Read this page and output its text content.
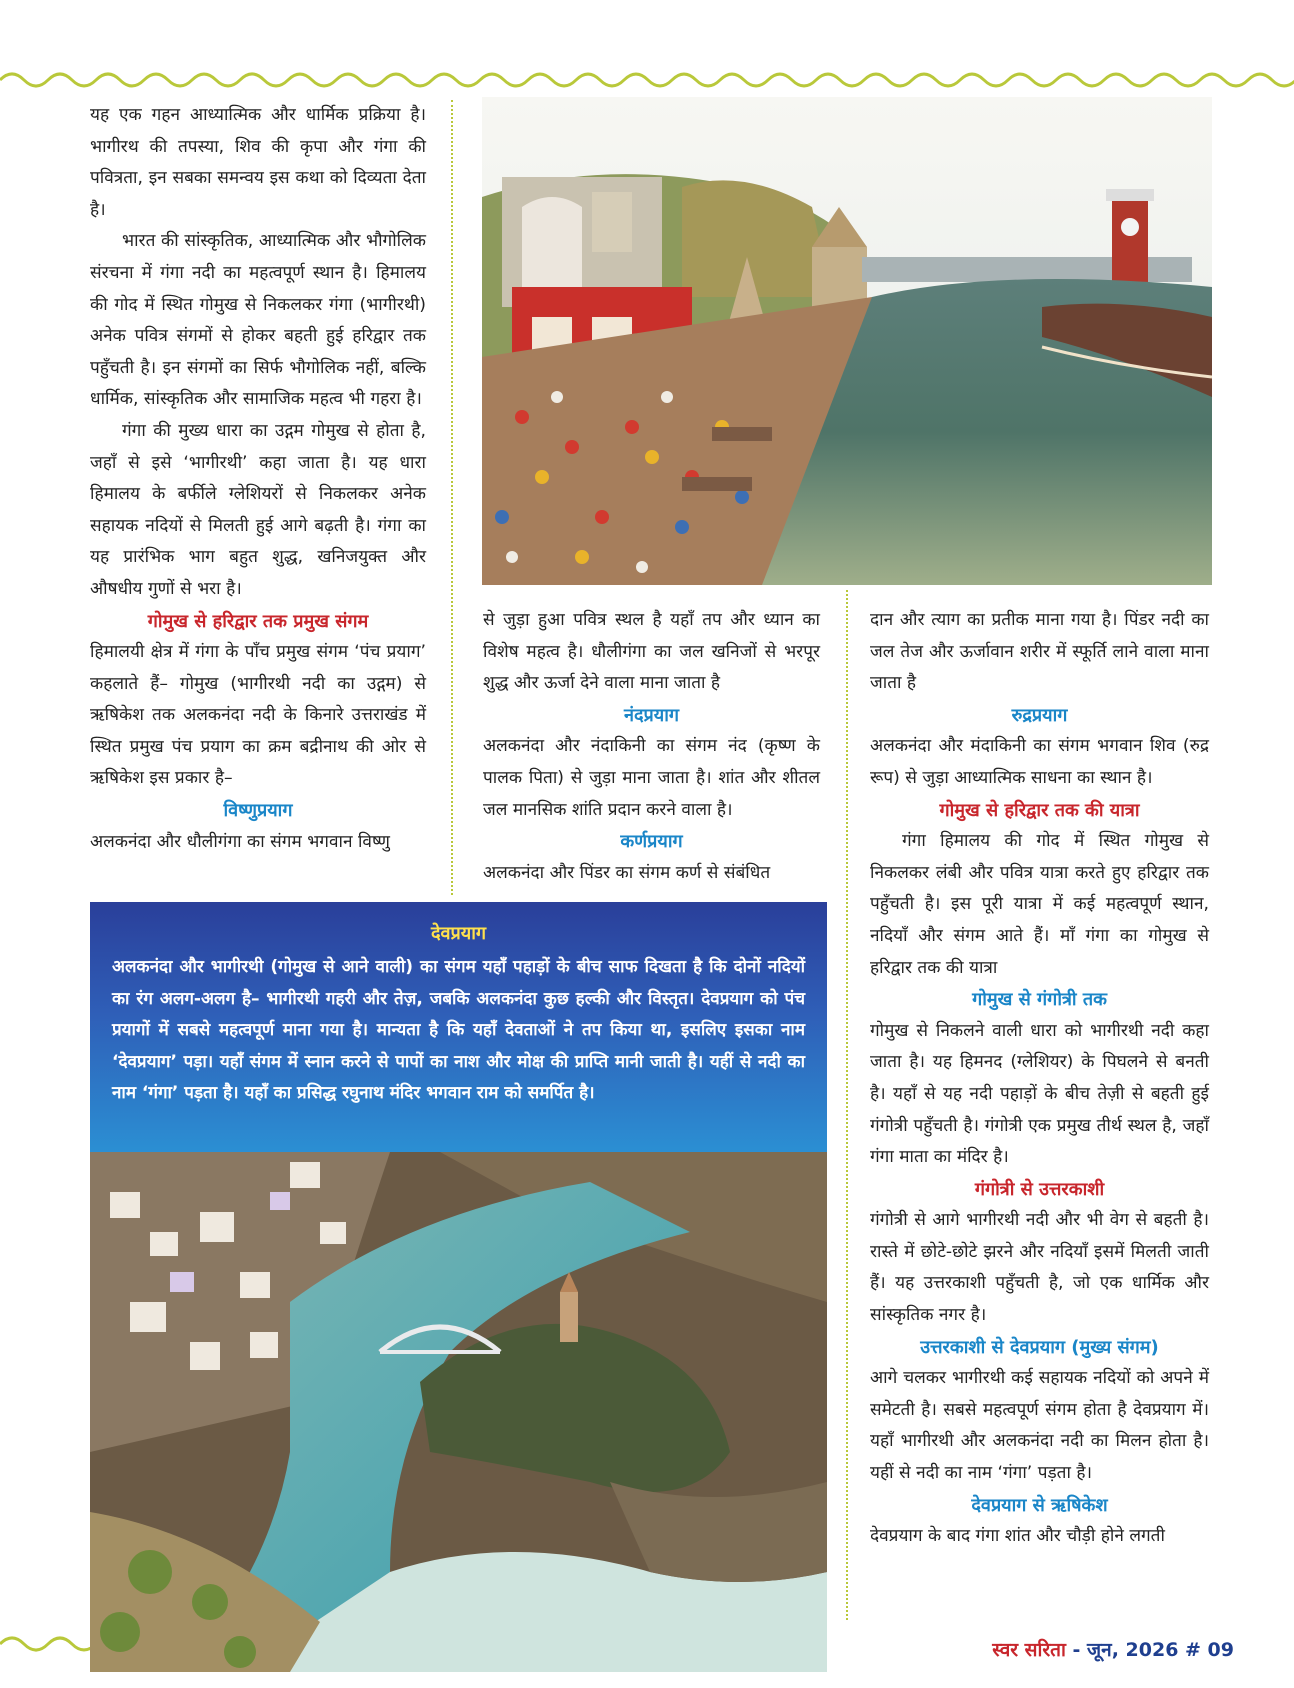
यह एक गहन आध्यात्मिक और धार्मिक प्रक्रिया है। भागीरथ की तपस्या, शिव की कृपा और गंगा की पवित्रता, इन सबका समन्वय इस कथा को दिव्यता देता है।

भारत की सांस्कृतिक, आध्यात्मिक और भौगोलिक संरचना में गंगा नदी का महत्वपूर्ण स्थान है। हिमालय की गोद में स्थित गोमुख से निकलकर गंगा (भागीरथी) अनेक पवित्र संगमों से होकर बहती हुई हरिद्वार तक पहुँचती है। इन संगमों का सिर्फ भौगोलिक नहीं, बल्कि धार्मिक, सांस्कृतिक और सामाजिक महत्व भी गहरा है।

गंगा की मुख्य धारा का उद्गम गोमुख से होता है, जहाँ से इसे ‘भागीरथी’ कहा जाता है। यह धारा हिमालय के बर्फीले ग्लेशियरों से निकलकर अनेक सहायक नदियों से मिलती हुई आगे बढ़ती है। गंगा का यह प्रारंभिक भाग बहुत शुद्ध, खनिजयुक्त और औषधीय गुणों से भरा है।

गोमुख से हरिद्वार तक प्रमुख संगम

हिमालयी क्षेत्र में गंगा के पाँच प्रमुख संगम ‘पंच प्रयाग’ कहलाते हैं– गोमुख (भागीरथी नदी का उद्गम) से ऋषिकेश तक अलकनंदा नदी के किनारे उत्तराखंड में स्थित प्रमुख पंच प्रयाग का क्रम बद्रीनाथ की ओर से ऋषिकेश इस प्रकार है–

विष्णुप्रयाग

अलकनंदा और धौलीगंगा का संगम भगवान विष्णु

से जुड़ा हुआ पवित्र स्थल है यहाँ तप और ध्यान का विशेष महत्व है। धौलीगंगा का जल खनिजों से भरपूर शुद्ध और ऊर्जा देने वाला माना जाता है

नंदप्रयाग

अलकनंदा और नंदाकिनी का संगम नंद (कृष्ण के पालक पिता) से जुड़ा माना जाता है। शांत और शीतल जल मानसिक शांति प्रदान करने वाला है।

कर्णप्रयाग

अलकनंदा और पिंडर का संगम कर्ण से संबंधित

दान और त्याग का प्रतीक माना गया है। पिंडर नदी का जल तेज और ऊर्जावान शरीर में स्फूर्ति लाने वाला माना जाता है

रुद्रप्रयाग

अलकनंदा और मंदाकिनी का संगम भगवान शिव (रुद्र रूप) से जुड़ा आध्यात्मिक साधना का स्थान है।

गोमुख से हरिद्वार तक की यात्रा

गंगा हिमालय की गोद में स्थित गोमुख से निकलकर लंबी और पवित्र यात्रा करते हुए हरिद्वार तक पहुँचती है। इस पूरी यात्रा में कई महत्वपूर्ण स्थान, नदियाँ और संगम आते हैं। माँ गंगा का गोमुख से हरिद्वार तक की यात्रा

गोमुख से गंगोत्री तक

गोमुख से निकलने वाली धारा को भागीरथी नदी कहा जाता है। यह हिमनद (ग्लेशियर) के पिघलने से बनती है। यहाँ से यह नदी पहाड़ों के बीच तेज़ी से बहती हुई गंगोत्री पहुँचती है। गंगोत्री एक प्रमुख तीर्थ स्थल है, जहाँ गंगा माता का मंदिर है।

गंगोत्री से उत्तरकाशी

गंगोत्री से आगे भागीरथी नदी और भी वेग से बहती है। रास्ते में छोटे-छोटे झरने और नदियाँ इसमें मिलती जाती हैं। यह उत्तरकाशी पहुँचती है, जो एक धार्मिक और सांस्कृतिक नगर है।

उत्तरकाशी से देवप्रयाग (मुख्य संगम)

आगे चलकर भागीरथी कई सहायक नदियों को अपने में समेटती है। सबसे महत्वपूर्ण संगम होता है देवप्रयाग में। यहाँ भागीरथी और अलकनंदा नदी का मिलन होता है। यहीं से नदी का नाम ‘गंगा’ पड़ता है।

देवप्रयाग से ऋषिकेश

देवप्रयाग के बाद गंगा शांत और चौड़ी होने लगती

देवप्रयाग

अलकनंदा और भागीरथी (गोमुख से आने वाली) का संगम यहाँ पहाड़ों के बीच साफ दिखता है कि दोनों नदियों का रंग अलग-अलग है– भागीरथी गहरी और तेज़, जबकि अलकनंदा कुछ हल्की और विस्तृत। देवप्रयाग को पंच प्रयागों में सबसे महत्वपूर्ण माना गया है। मान्यता है कि यहाँ देवताओं ने तप किया था, इसलिए इसका नाम ‘देवप्रयाग’ पड़ा। यहाँ संगम में स्नान करने से पापों का नाश और मोक्ष की प्राप्ति मानी जाती है। यहीं से नदी का नाम ‘गंगा’ पड़ता है। यहाँ का प्रसिद्ध रघुनाथ मंदिर भगवान राम को समर्पित है।

स्वर सरिता - जून, 2026 # 09
